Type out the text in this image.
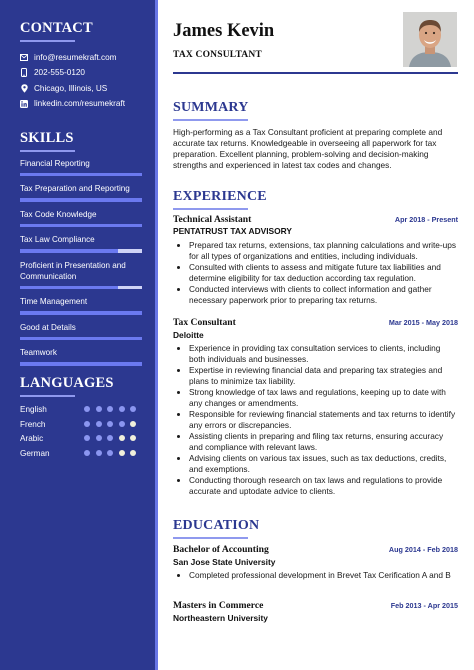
CONTACT
info@resumekraft.com
202-555-0120
Chicago, Illinois, US
linkedin.com/resumekraft
SKILLS
Financial Reporting
Tax Preparation and Reporting
Tax Code Knowledge
Tax Law Compliance
Proficient in Presentation and Communication
Time Management
Good at Details
Teamwork
LANGUAGES
English
French
Arabic
German
James Kevin
TAX CONSULTANT
SUMMARY
High-performing as a Tax Consultant proficient at preparing complete and accurate tax returns. Knowledgeable in overseeing all paperwork for tax preparation. Excellent planning, problem-solving and decision-making strengths and experienced in latest tax codes and changes.
EXPERIENCE
Technical Assistant	Apr 2018 - Present
PENTATRUST TAX ADVISORY
• Prepared tax returns, extensions, tax planning calculations and write-ups for all types of organizations and entities, including individuals.
• Consulted with clients to assess and mitigate future tax liabilities and determine eligibility for tax deduction according tax regulation.
• Conducted interviews with clients to collect information and gather necessary paperwork prior to preparing tax returns.
Tax Consultant	Mar 2015 - May 2018
Deloitte
• Experience in providing tax consultation services to clients, including both individuals and businesses.
• Expertise in reviewing financial data and preparing tax strategies and plans to minimize tax liability.
• Strong knowledge of tax laws and regulations, keeping up to date with any changes or amendments.
• Responsible for reviewing financial statements and tax returns to identify any errors or discrepancies.
• Assisting clients in preparing and filing tax returns, ensuring accuracy and compliance with relevant laws.
• Advising clients on various tax issues, such as tax deductions, credits, and exemptions.
• Conducting thorough research on tax laws and regulations to provide accurate and uptodate advice to clients.
EDUCATION
Bachelor of Accounting	Aug 2014 - Feb 2018
San Jose State University
• Completed professional development in Brevet Tax Cerification A and B
Masters in Commerce	Feb 2013 - Apr 2015
Northeastern University
